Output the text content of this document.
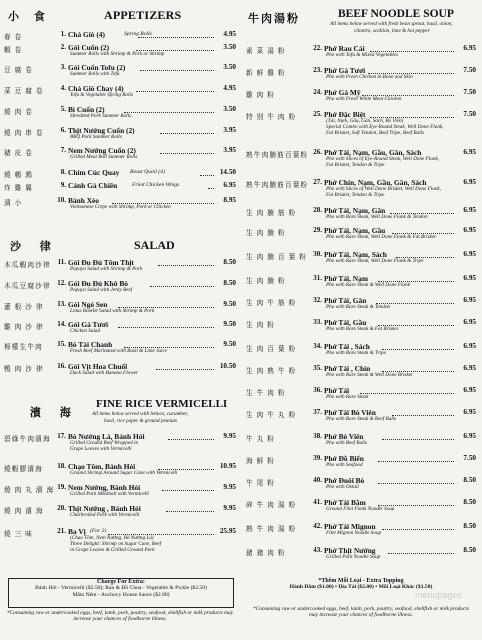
小 食	APPETIZERS
春 卷	1. Chả Giò (4)	Spring Rolls	4.95
蝦 卷	2. Gỏi Cuốn (2)	3.50
Summer Rolls with Shrimp & Pork or Shrimp
豆 腐 卷	3. Gỏi Cuốn Tofu (2)	3.50
Summer Rolls with Tofu
菜 豆 腐 卷	4. Chả Giò Chay (4)	4.95
Tofu & Vegetable Spring Rolls
燒 肉 卷	5. Bì Cuốn (2)	3.50
Shredded Pork Summer Rolls
燒 肉 串 卷	6. Thịt Nướng Cuốn (2)	3.95
BBQ Pork Summer Rolls
豬 皮 卷	7. Nem Nướng Cuốn (2)	3.95
Grilled Meat Ball Summer Rolls
燒 鵪 鶉	8. Chim Cúc Quay Roast Quail (4)	14.50
炸 雞 翼	9. Cánh Gà Chiên	Fried Chicken Wings	6.95
潰 小	10. Bánh Xèo	8.95
Vietnamese Crepe with Shrimp, Pork or Chicken
沙 律	SALAD
木瓜蝦肉沙律 11. Gỏi Đu Đủ Tôm Thịt	8.50
Papaya Salad with Shrimp & Pork
木瓜豆腐沙律 12. Gỏi Đu Đủ Khô Bò	8.50
Papaya Salad with Jerky Beef
蓮 根 沙 律	13. Gỏi Ngó Sen	9.50
Lotus Rootlet Salad with Shrimp & Pork
雞 肉 沙 律	14. Gỏi Gà Tươi	9.50
Chicken Salad
檸檬生牛肉	15. Bò Tái Chanh	9.50
Fresh Beef Marinated with Basil & Lime Juice
鴨 肉 沙 律	16. Gỏi Vịt Hoa Chuối	10.50
Duck Salad with Banana Flower
濱 海
FINE RICE VERMICELLI
All items below served with lettuce, cucumber,
basil, rice paper & ground peanuts
碧綠牛肉濱海 17. Bò Nướng Lá, Bánh Hỏi	9.95
Grilled Ground Beef Wrapped in
Grape Leaves with Vermicelli
燒蝦膠濱海	18. Chạo Tôm, Bánh Hỏi	10.95
Ground Shrimp Around Sugar Cane with Vermicelli
燒 肉 丸 濱 海 19. Nem Nướng, Bánh Hỏi	9.95
Grilled Pork Meatball with Vermicelli
燒 肉 濱 海	20. Thịt Nướng , Bánh Hỏi	9.95
Charbroiled Pork with Vermicelli
燒 三 味	21. Ba Vị (For 2)	25.95
(Chạo Tôm, Nem Nướng, Bò Nướng Lá)
Three Delight: Shrimp on Sugar Cane, Beef
in Grape Leaves & Grilled Ground Pork
Charge For Extra:
Bánh Hỏi - Vermicelli ($2.50); Rau & Đồ Chua - Vegetable & Pickle ($2.50)
Mắm Nêm - Anchovy House Sauce ($2.00)
*Consuming raw or undercooked eggs, beef, lamb, pork, poultry, seafood, shellfish or milk products may increase your chances of foodborne illness.
牛肉湯粉	BEEF NOODLE SOUP
All items below served with fresh bean sprout, basil, onion,
cilantro, scallion, lime & hot pepper
素 菜 湯 粉	22. Phở Rau Cải	6.95
Pho with Tofu & Mixed Vegetables
新 鮮 雞 粉	23. Phở Gà Tươi	7.50
Pho with Fresh Chicken in Bone and Skin
雞 肉 粉	24. Phở Gà Mỹ	7.50
Pho with Fresh White Meat Chicken
特 別 牛 肉 粉	25. Phở Đặc Biệt	7.50
(Tái, Nạm, Gầu, Gân, Sách, Bò Viên)
Special Combo with Eye-Round Steak, Well Done Flank,
Fat Brisket, Soft Tendon, Beef Tripe, Beef Balls
熟牛肉腩筋百葉粉 26. Phở Tái, Nạm, Gầu, Gân, Sách	6.95
Pho with Slices of Eye-Round Steak, Well Done Flank,
Fat Brisket, Tendon & Tripe
熟牛肉腩筋百葉粉 27. Phở Chín, Nạm, Gầu, Gân, Sách	6.95
Pho with Slices of Well Done Brisket, Well Done Flank,
Fat Brisket, Tendon & Tripe
生 肉 腩 筋 粉	28. Phở Tái, Nạm, Gân	6.95
Pho with Rare Steak, Well Done Flank & Tendon
生 肉 腩 粉	29. Phở Tái, Nạm, Gầu	6.95
Pho with Rare Steak, Well Done Flank & Fat Brisket
生 肉 腩 百 葉 粉 30. Phở Tái, Nạm, Sách	6.95
Pho with Rare Steak, Well Done Flank & Tripe
生 肉 腩 粉	31. Phở Tái, Nạm	6.95
Pho with Rare Steak & Well Done Flank
生 肉 牛 筋 粉	32. Phở Tái, Gân	6.95
Pho with Rare Steak & Tendon
生 肉 粉	33. Phở Tái, Gầu	6.95
Pho with Rare Steak & Fat Brisket
生 肉 百 葉 粉	34. Phở Tái , Sách	6.95
Pho with Rare Steak & Tripe
生 肉 熟 牛 粉	35. Phở Tái , Chín	6.95
Pho with Rare Steak & Well Done Brisket
生 牛 肉 粉	36. Phở Tái	6.95
Pho with Rare Steak
生 肉 牛 丸 粉	37. Phở Tái Bò Viên	6.95
Pho with Rare Steak & Beef Balls
牛 丸 粉	38. Phở Bò Viên	6.95
Pho with Beef Balls
海 鮮 粉	39. Phở Đồ Biển	7.50
Pho with Seafood
牛 尾 粉	40. Phở Đuôi Bò	8.50
Pho with Oxtail
碎 牛 肉 湯 粉	41. Phở Tái Bằm	8.50
Ground Filet Flank Noodle Soup
熟 牛 肉 湯 粉	42. Phở Tái Mignon	8.50
Filet Mignon Noodle Soup
豬 豬 肉 粉	43. Phở Thịt Nướng	8.50
Grilled Pork Noodle Soup
*Thêm Mỗi Loại - Extra Topping
Hành Dầm ($1.00) • Dìa Tái ($2.00) • Mỗi Loại Khác ($1.50)
*Consuming raw or undercooked eggs, beef, lamb, pork, poultry, seafood, shellfish or milk products may increase your chances of foodborne illness.
menupages
